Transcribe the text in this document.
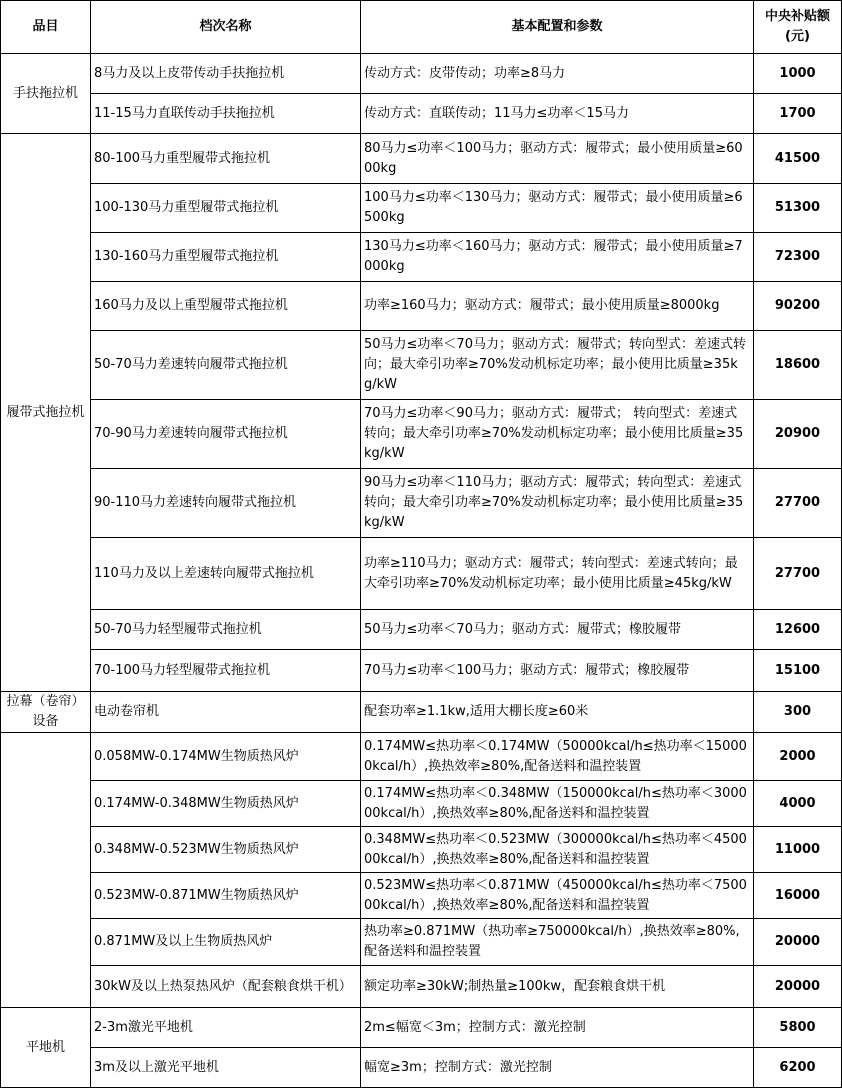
品目	档次名称	基本配置和参数	中央补贴额(元)
手扶拖拉机	8马力及以上皮带传动手扶拖拉机	传动方式：皮带传动；功率≥8马力	1000
	11-15马力直联传动手扶拖拉机	传动方式：直联传动；11马力≤功率＜15马力	1700
履带式拖拉机	80-100马力重型履带式拖拉机	80马力≤功率＜100马力；驱动方式：履带式；最小使用质量≥6000kg	41500
	100-130马力重型履带式拖拉机	100马力≤功率＜130马力；驱动方式：履带式；最小使用质量≥6500kg	51300
	130-160马力重型履带式拖拉机	130马力≤功率＜160马力；驱动方式：履带式；最小使用质量≥7000kg	72300
	160马力及以上重型履带式拖拉机	功率≥160马力；驱动方式：履带式；最小使用质量≥8000kg	90200
	50-70马力差速转向履带式拖拉机	50马力≤功率＜70马力；驱动方式：履带式；转向型式：差速式转向；最大牵引功率≥70%发动机标定功率；最小使用比质量≥35kg/kW	18600
	70-90马力差速转向履带式拖拉机	70马力≤功率＜90马力；驱动方式：履带式； 转向型式：差速式转向；最大牵引功率≥70%发动机标定功率；最小使用比质量≥35kg/kW	20900
	90-110马力差速转向履带式拖拉机	90马力≤功率＜110马力；驱动方式：履带式；转向型式：差速式转向；最大牵引功率≥70%发动机标定功率；最小使用比质量≥35kg/kW	27700
	110马力及以上差速转向履带式拖拉机	功率≥110马力；驱动方式：履带式；转向型式：差速式转向；最大牵引功率≥70%发动机标定功率；最小使用比质量≥45kg/kW	27700
	50-70马力轻型履带式拖拉机	50马力≤功率＜70马力；驱动方式：履带式；橡胶履带	12600
	70-100马力轻型履带式拖拉机	70马力≤功率＜100马力；驱动方式：履带式；橡胶履带	15100
拉幕（卷帘）设备	电动卷帘机	配套功率≥1.1kw,适用大棚长度≥60米	300
	0.058MW-0.174MW生物质热风炉	0.174MW≤热功率＜0.174MW（50000kcal/h≤热功率＜150000kcal/h）,换热效率≥80%,配备送料和温控装置	2000
	0.174MW-0.348MW生物质热风炉	0.174MW≤热功率＜0.348MW（150000kcal/h≤热功率＜300000kcal/h）,换热效率≥80%,配备送料和温控装置	4000
	0.348MW-0.523MW生物质热风炉	0.348MW≤热功率＜0.523MW（300000kcal/h≤热功率＜450000kcal/h）,换热效率≥80%,配备送料和温控装置	11000
	0.523MW-0.871MW生物质热风炉	0.523MW≤热功率＜0.871MW（450000kcal/h≤热功率＜750000kcal/h）,换热效率≥80%,配备送料和温控装置	16000
	0.871MW及以上生物质热风炉	热功率≥0.871MW（热功率≥750000kcal/h）,换热效率≥80%,配备送料和温控装置	20000
	30kW及以上热泵热风炉（配套粮食烘干机）	额定功率≥30kW;制热量≥100kw，配套粮食烘干机	20000
平地机	2-3m激光平地机	2m≤幅宽＜3m；控制方式：激光控制	5800
	3m及以上激光平地机	幅宽≥3m；控制方式：激光控制	6200
